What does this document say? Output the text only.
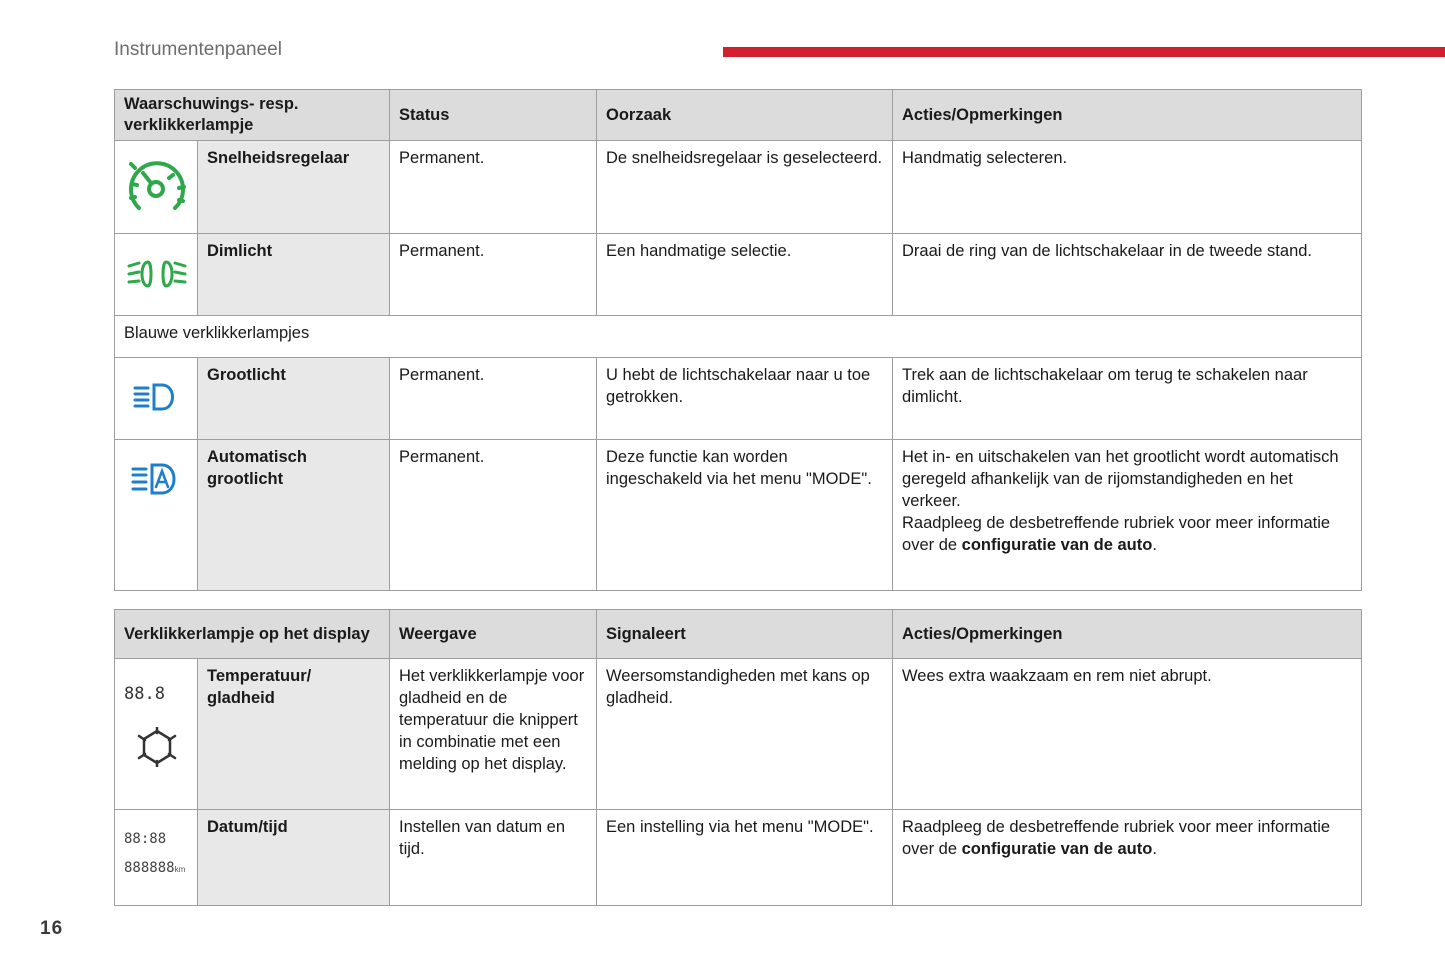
Instrumentenpaneel
Waarschuwings- resp. verklikkerlampje		Status	Oorzaak	Acties/Opmerkingen

	Snelheidsregelaar	Permanent.	De snelheidsregelaar is geselecteerd.	Handmatig selecteren.

	Dimlicht	Permanent.	Een handmatige selectie.	Draai de ring van de lichtschakelaar in de tweede stand.
Blauwe verklikkerlampjes				

	Grootlicht	Permanent.	U hebt de lichtschakelaar naar u toe getrokken.	Trek aan de lichtschakelaar om terug te schakelen naar dimlicht.

	Automatisch grootlicht	Permanent.	Deze functie kan worden ingeschakeld via het menu "MODE".	Het in- en uitschakelen van het grootlicht wordt automatisch geregeld afhankelijk van de rijomstandigheden en het verkeer.
Raadpleeg de desbetreffende rubriek voor meer informatie over de configuratie van de auto.
Verklikkerlampje op het display		Weergave	Signaleert	Acties/Opmerkingen

88.8	Temperatuur/ gladheid	Het verklikkerlampje voor gladheid en de temperatuur die knippert in combinatie met een melding op het display.	Weersomstandigheden met kans op gladheid.	Wees extra waakzaam en rem niet abrupt.

88:88
888888km	Datum/tijd	Instellen van datum en tijd.	Een instelling via het menu "MODE".	Raadpleeg de desbetreffende rubriek voor meer informatie over de configuratie van de auto.
16
